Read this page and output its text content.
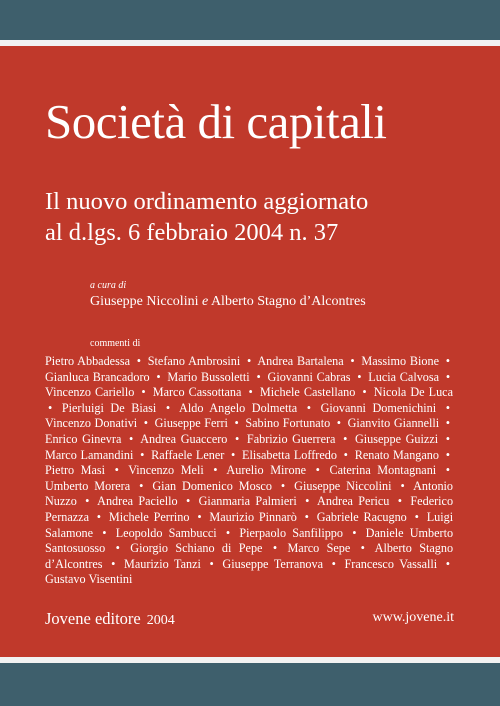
Società di capitali
Il nuovo ordinamento aggiornato
al d.lgs. 6 febbraio 2004 n. 37
a cura di
Giuseppe Niccolini e Alberto Stagno d’Alcontres
commenti di
Pietro Abbadessa • Stefano Ambrosini • Andrea Bartalena • Massimo Bione • Gianluca Brancadoro • Mario Bussoletti • Giovanni Cabras • Lucia Calvosa • Vincenzo Cariello • Marco Cassottana • Michele Castellano • Nicola De Luca • Pierluigi De Biasi • Aldo Angelo Dolmetta • Giovanni Domenichini • Vincenzo Donativi • Giuseppe Ferri • Sabino Fortunato • Gianvito Giannelli • Enrico Ginevra • Andrea Guaccero • Fabrizio Guerrera • Giuseppe Guizzi • Marco Lamandini • Raffaele Lener • Elisabetta Loffredo • Renato Mangano • Pietro Masi • Vincenzo Meli • Aurelio Mirone • Caterina Montagnani • Umberto Morera • Gian Domenico Mosco • Giuseppe Niccolini • Antonio Nuzzo • Andrea Paciello • Gianmaria Palmieri • Andrea Pericu • Federico Pernazza • Michele Perrino • Maurizio Pinnarò • Gabriele Racugno • Luigi Salamone • Leopoldo Sambucci • Pierpaolo Sanfilippo • Daniele Umberto Santosuosso • Giorgio Schiano di Pepe • Marco Sepe • Alberto Stagno d’Alcontres • Maurizio Tanzi • Giuseppe Terranova • Francesco Vassalli • Gustavo Visentini
Jovene editore 2004	www.jovene.it
